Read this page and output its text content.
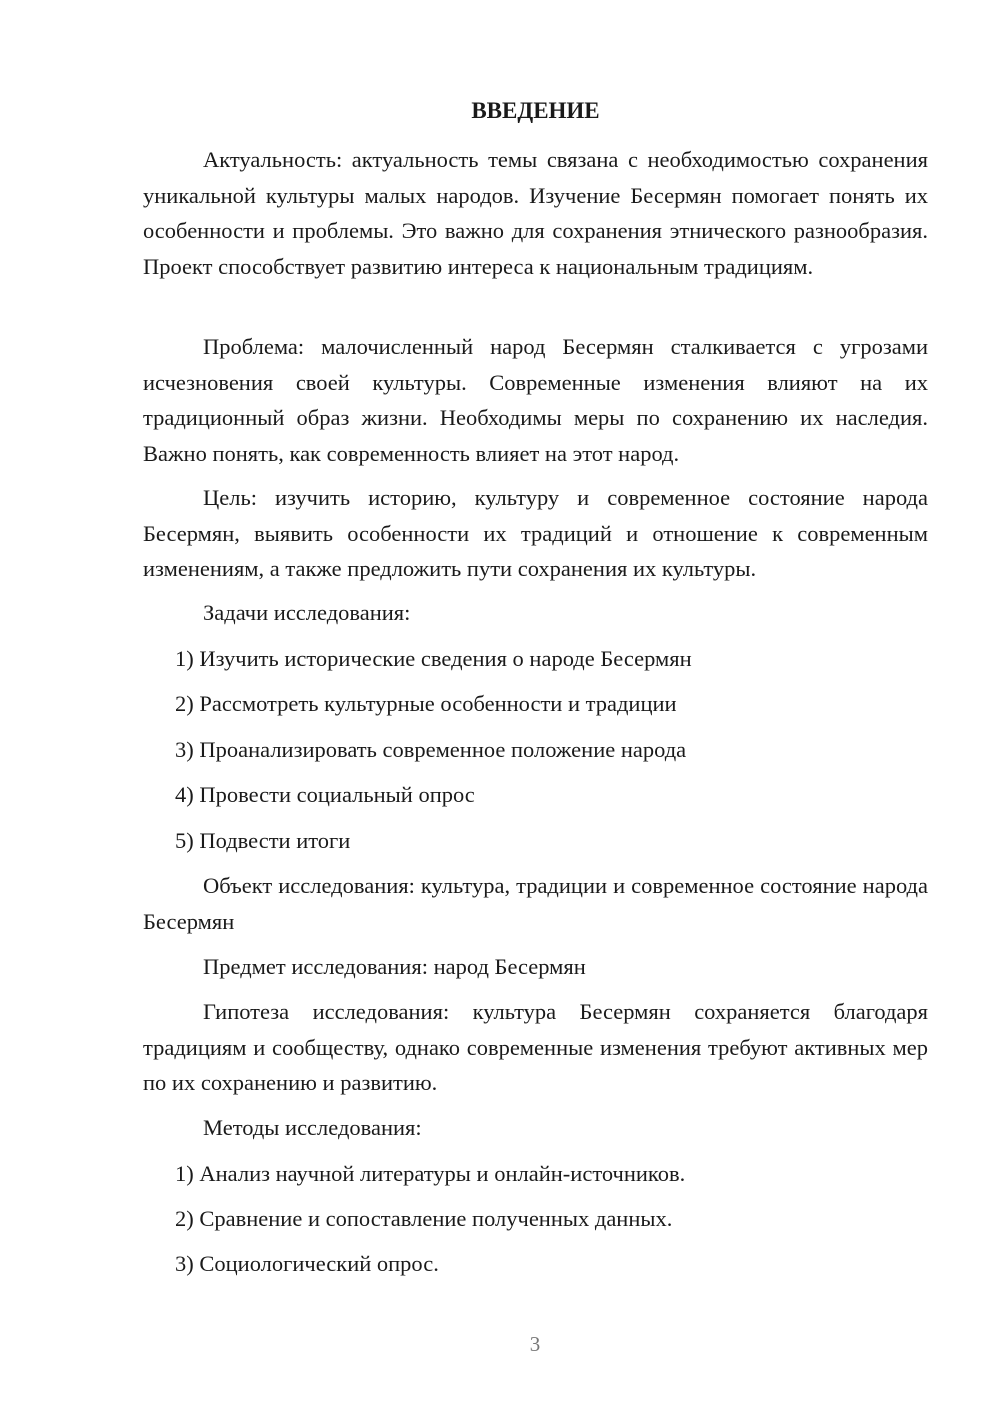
ВВЕДЕНИЕ

Актуальность: актуальность темы связана с необходимостью сохранения уникальной культуры малых народов. Изучение Бесермян помогает понять их особенности и проблемы. Это важно для сохранения этнического разнообразия. Проект способствует развитию интереса к национальным традициям.

Проблема: малочисленный народ Бесермян сталкивается с угрозами исчезновения своей культуры. Современные изменения влияют на их традиционный образ жизни. Необходимы меры по сохранению их наследия. Важно понять, как современность влияет на этот народ.

Цель: изучить историю, культуру и современное состояние народа Бесермян, выявить особенности их традиций и отношение к современным изменениям, а также предложить пути сохранения их культуры.

Задачи исследования:
1) Изучить исторические сведения о народе Бесермян
2) Рассмотреть культурные особенности и традиции
3) Проанализировать современное положение народа
4) Провести социальный опрос
5) Подвести итоги

Объект исследования: культура, традиции и современное состояние народа Бесермян

Предмет исследования: народ Бесермян

Гипотеза исследования: культура Бесермян сохраняется благодаря традициям и сообществу, однако современные изменения требуют активных мер по их сохранению и развитию.

Методы исследования:
1) Анализ научной литературы и онлайн-источников.
2) Сравнение и сопоставление полученных данных.
3) Социологический опрос.
3
